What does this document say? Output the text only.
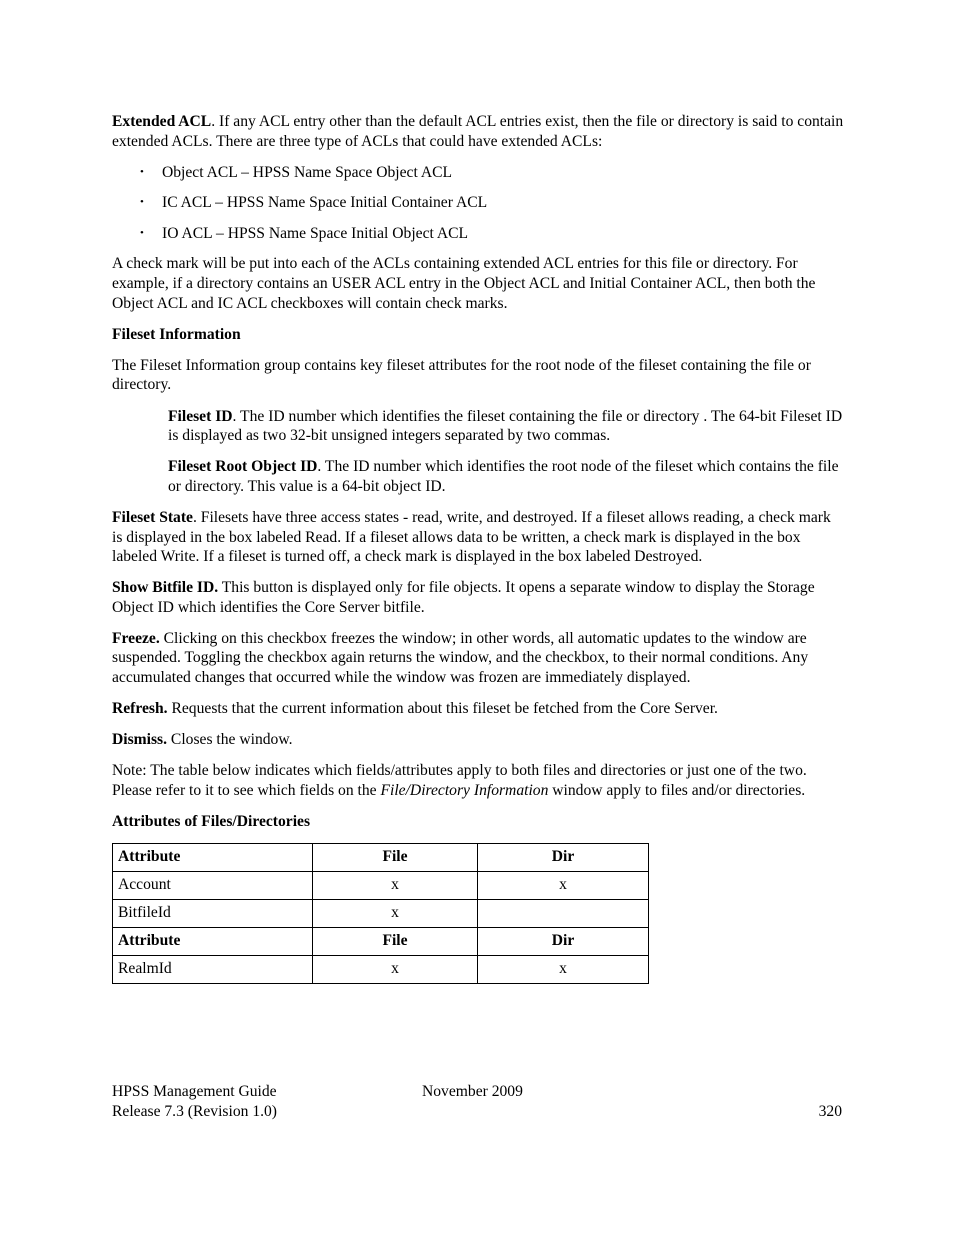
Extended ACL. If any ACL entry other than the default ACL entries exist, then the file or directory is said to contain extended ACLs. There are three type of ACLs that could have extended ACLs:

• Object ACL – HPSS Name Space Object ACL
• IC ACL – HPSS Name Space Initial Container ACL
• IO ACL – HPSS Name Space Initial Object ACL

A check mark will be put into each of the ACLs containing extended ACL entries for this file or directory. For example, if a directory contains an USER ACL entry in the Object ACL and Initial Container ACL, then both the Object ACL and IC ACL checkboxes will contain check marks.

Fileset Information

The Fileset Information group contains key fileset attributes for the root node of the fileset containing the file or directory.

Fileset ID. The ID number which identifies the fileset containing the file or directory . The 64-bit Fileset ID is displayed as two 32-bit unsigned integers separated by two commas.

Fileset Root Object ID. The ID number which identifies the root node of the fileset which contains the file or directory. This value is a 64-bit object ID.

Fileset State. Filesets have three access states - read, write, and destroyed. If a fileset allows reading, a check mark is displayed in the box labeled Read. If a fileset allows data to be written, a check mark is displayed in the box labeled Write. If a fileset is turned off, a check mark is displayed in the box labeled Destroyed.

Show Bitfile ID. This button is displayed only for file objects. It opens a separate window to display the Storage Object ID which identifies the Core Server bitfile.

Freeze. Clicking on this checkbox freezes the window; in other words, all automatic updates to the window are suspended. Toggling the checkbox again returns the window, and the checkbox, to their normal conditions. Any accumulated changes that occurred while the window was frozen are immediately displayed.

Refresh. Requests that the current information about this fileset be fetched from the Core Server.

Dismiss. Closes the window.

Note: The table below indicates which fields/attributes apply to both files and directories or just one of the two. Please refer to it to see which fields on the File/Directory Information window apply to files and/or directories.

Attributes of Files/Directories

Attribute	File	Dir
Account	x	x
BitfileId	x	
Attribute	File	Dir
RealmId	x	x
HPSS Management Guide
Release 7.3 (Revision 1.0)
November 2009
320
